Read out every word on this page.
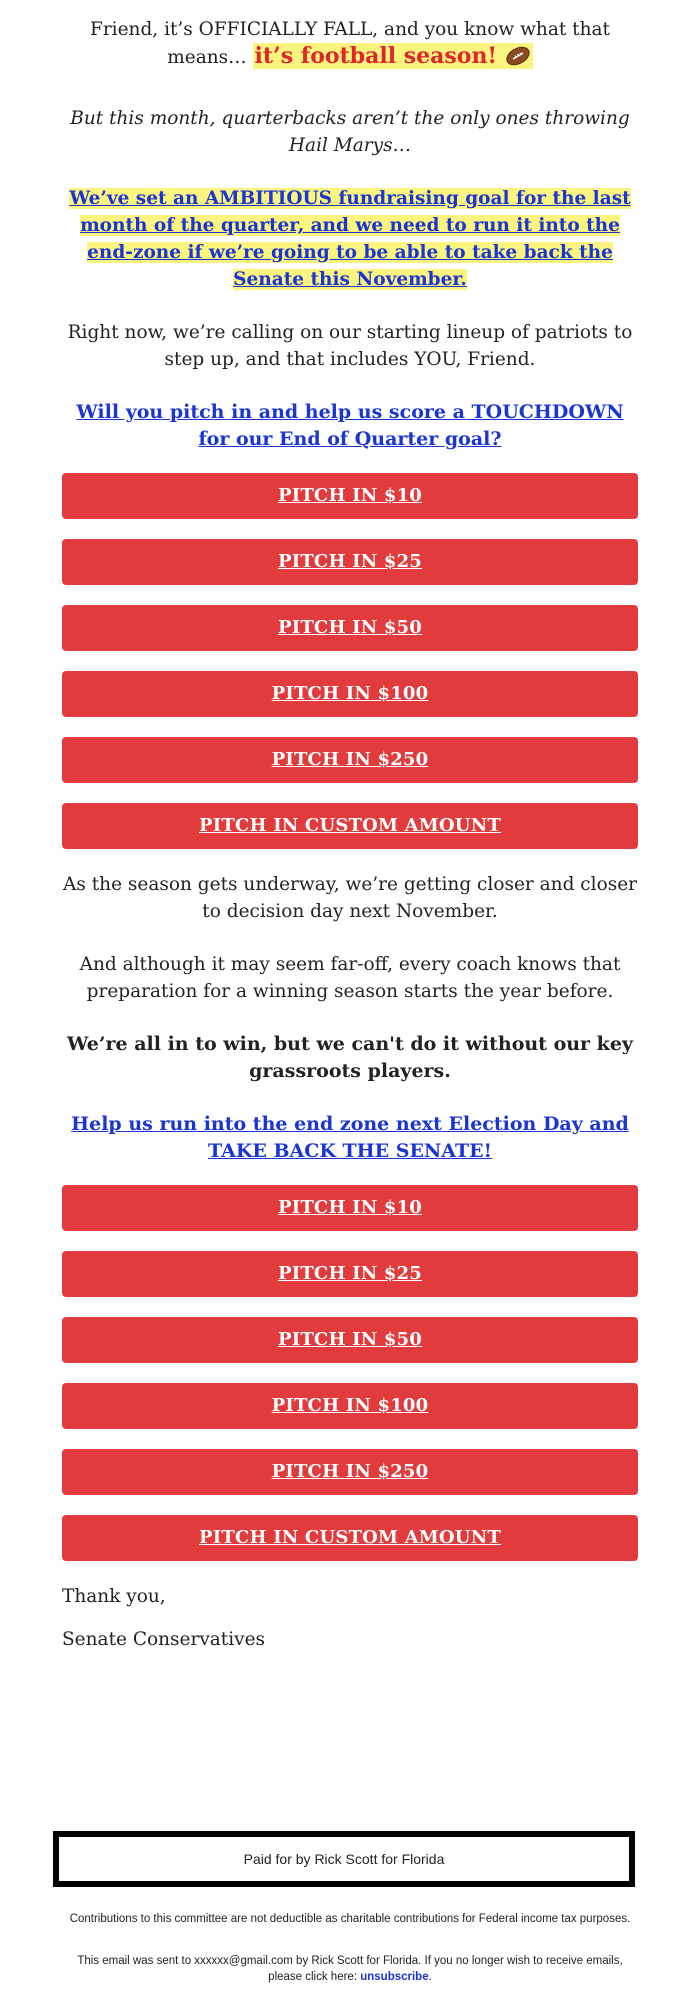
Friend, it’s OFFICIALLY FALL, and you know what that means… it’s football season!

But this month, quarterbacks aren’t the only ones throwing Hail Marys…

We’ve set an AMBITIOUS fundraising goal for the last month of the quarter, and we need to run it into the end-zone if we’re going to be able to take back the Senate this November.

Right now, we’re calling on our starting lineup of patriots to step up, and that includes YOU, Friend.

Will you pitch in and help us score a TOUCHDOWN for our End of Quarter goal?

PITCH IN $10
PITCH IN $25
PITCH IN $50
PITCH IN $100
PITCH IN $250
PITCH IN CUSTOM AMOUNT

As the season gets underway, we’re getting closer and closer to decision day next November.

And although it may seem far-off, every coach knows that preparation for a winning season starts the year before.

We’re all in to win, but we can't do it without our key grassroots players.

Help us run into the end zone next Election Day and TAKE BACK THE SENATE!

PITCH IN $10
PITCH IN $25
PITCH IN $50
PITCH IN $100
PITCH IN $250
PITCH IN CUSTOM AMOUNT

Thank you,

Senate Conservatives

Paid for by Rick Scott for Florida
Contributions to this committee are not deductible as charitable contributions for Federal income tax purposes.
This email was sent to xxxxxx@gmail.com by Rick Scott for Florida. If you no longer wish to receive emails, please click here: unsubscribe.
